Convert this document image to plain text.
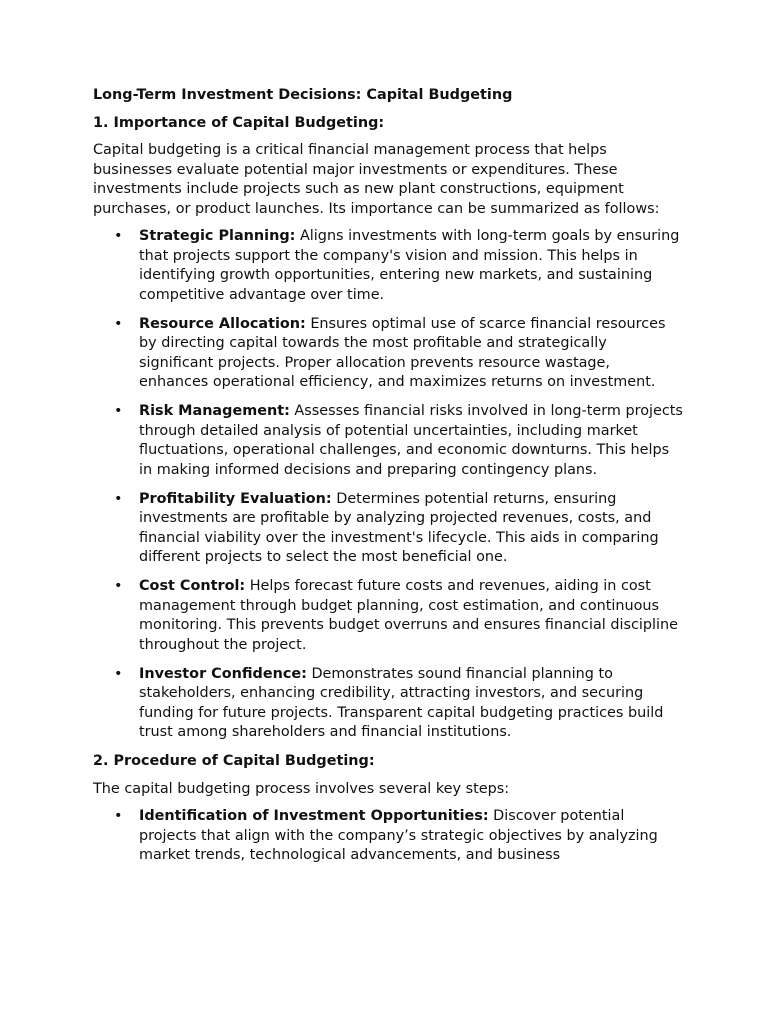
Long-Term Investment Decisions: Capital Budgeting

1. Importance of Capital Budgeting:

Capital budgeting is a critical financial management process that helps businesses evaluate potential major investments or expenditures. These investments include projects such as new plant constructions, equipment purchases, or product launches. Its importance can be summarized as follows:

• Strategic Planning: Aligns investments with long-term goals by ensuring that projects support the company's vision and mission. This helps in identifying growth opportunities, entering new markets, and sustaining competitive advantage over time.
• Resource Allocation: Ensures optimal use of scarce financial resources by directing capital towards the most profitable and strategically significant projects. Proper allocation prevents resource wastage, enhances operational efficiency, and maximizes returns on investment.
• Risk Management: Assesses financial risks involved in long-term projects through detailed analysis of potential uncertainties, including market fluctuations, operational challenges, and economic downturns. This helps in making informed decisions and preparing contingency plans.
• Profitability Evaluation: Determines potential returns, ensuring investments are profitable by analyzing projected revenues, costs, and financial viability over the investment's lifecycle. This aids in comparing different projects to select the most beneficial one.
• Cost Control: Helps forecast future costs and revenues, aiding in cost management through budget planning, cost estimation, and continuous monitoring. This prevents budget overruns and ensures financial discipline throughout the project.
• Investor Confidence: Demonstrates sound financial planning to stakeholders, enhancing credibility, attracting investors, and securing funding for future projects. Transparent capital budgeting practices build trust among shareholders and financial institutions.

2. Procedure of Capital Budgeting:

The capital budgeting process involves several key steps:

• Identification of Investment Opportunities: Discover potential projects that align with the company’s strategic objectives by analyzing market trends, technological advancements, and business
